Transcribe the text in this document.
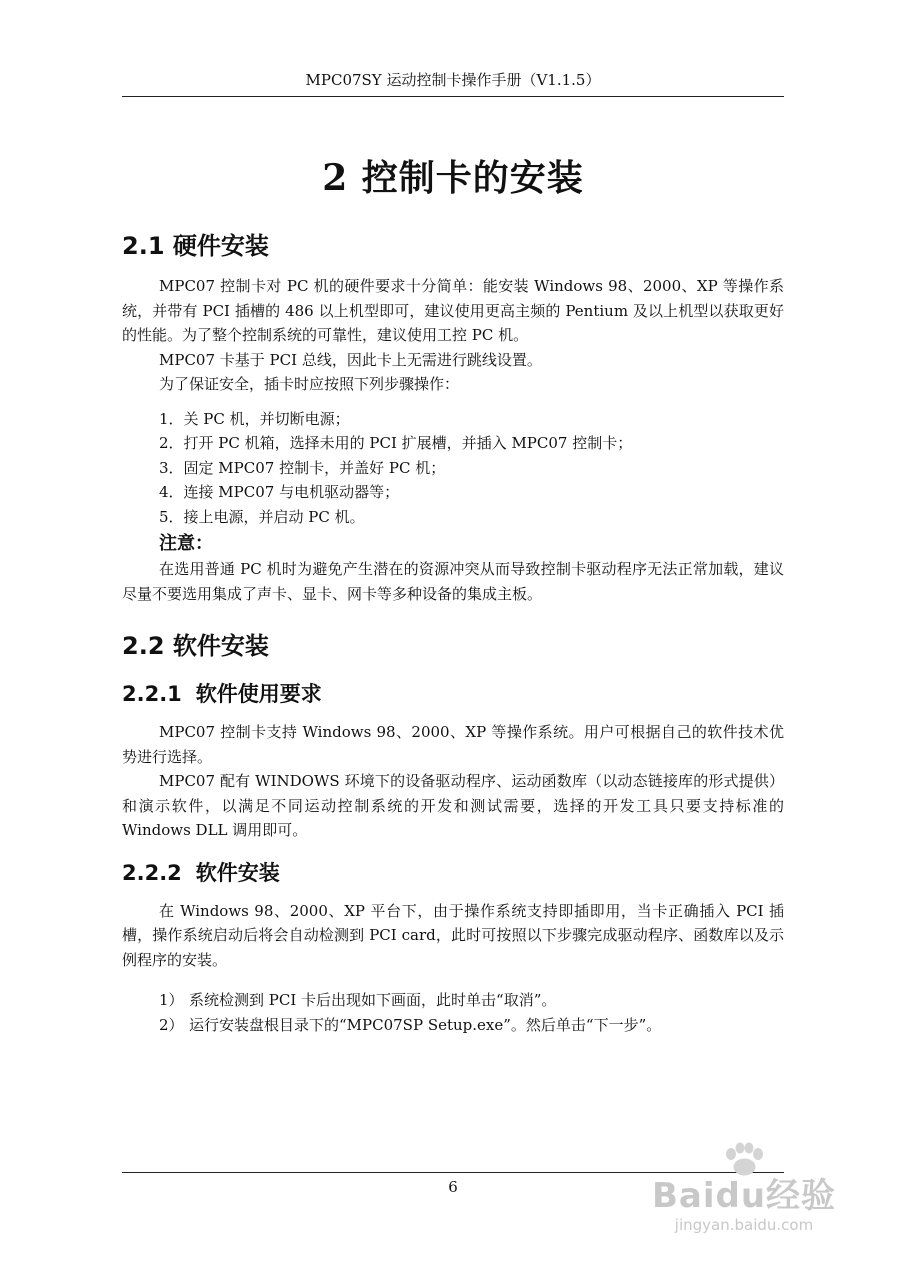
MPC07SY 运动控制卡操作手册（V1.1.5）
2 控制卡的安装
2.1 硬件安装

MPC07 控制卡对 PC 机的硬件要求十分简单：能安装 Windows 98、2000、XP 等操作系统，并带有 PCI 插槽的 486 以上机型即可，建议使用更高主频的 Pentium 及以上机型以获取更好的性能。为了整个控制系统的可靠性，建议使用工控 PC 机。

MPC07 卡基于 PCI 总线，因此卡上无需进行跳线设置。

为了保证安全，插卡时应按照下列步骤操作：

1．关 PC 机，并切断电源；
2．打开 PC 机箱，选择未用的 PCI 扩展槽，并插入 MPC07 控制卡；
3．固定 MPC07 控制卡，并盖好 PC 机；
4．连接 MPC07 与电机驱动器等；
5．接上电源，并启动 PC 机。
注意：

在选用普通 PC 机时为避免产生潜在的资源冲突从而导致控制卡驱动程序无法正常加载，建议尽量不要选用集成了声卡、显卡、网卡等多种设备的集成主板。

2.2 软件安装
2.2.1 软件使用要求

MPC07 控制卡支持 Windows 98、2000、XP 等操作系统。用户可根据自己的软件技术优势进行选择。

MPC07 配有 WINDOWS 环境下的设备驱动程序、运动函数库（以动态链接库的形式提供）和演示软件，以满足不同运动控制系统的开发和测试需要，选择的开发工具只要支持标准的 Windows DLL 调用即可。

2.2.2 软件安装

在 Windows 98、2000、XP 平台下，由于操作系统支持即插即用，当卡正确插入 PCI 插槽，操作系统启动后将会自动检测到 PCI card，此时可按照以下步骤完成驱动程序、函数库以及示例程序的安装。

1） 系统检测到 PCI 卡后出现如下画面，此时单击“取消”。
2） 运行安装盘根目录下的“MPC07SP Setup.exe”。然后单击“下一步”。
6	Baidu经验
jingyan.baidu.com
